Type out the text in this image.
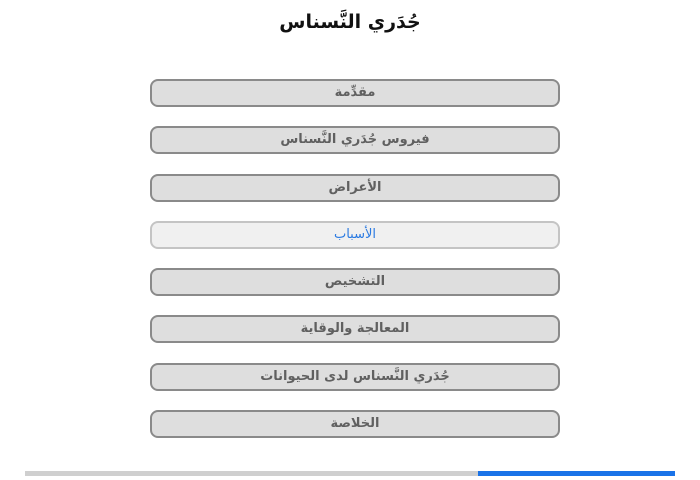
جُدَري النَّسناس
مقدِّمة
فيروس جُدَري النَّسناس
الأعراض
الأسباب
التشخيص
المعالجة والوقاية
جُدَري النَّسناس لدى الحيوانات
الخلاصة
